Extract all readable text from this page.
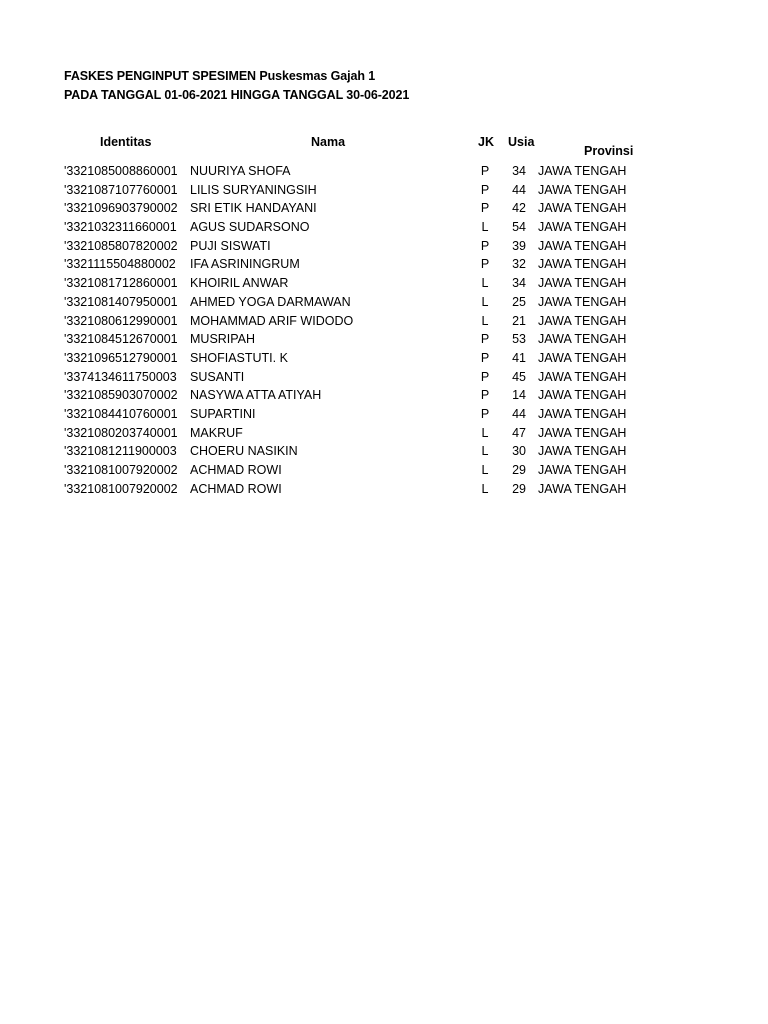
FASKES PENGINPUT SPESIMEN Puskesmas Gajah 1
PADA TANGGAL 01-06-2021 HINGGA TANGGAL 30-06-2021
Identitas	Nama	JK Usia
Provinsi
'3321085008860001 NUURIYA SHOFA	P	34 JAWA TENGAH
'3321087107760001 LILIS SURYANINGSIH	P	44 JAWA TENGAH
'3321096903790002 SRI ETIK HANDAYANI	P	42 JAWA TENGAH
'3321032311660001 AGUS SUDARSONO	L	54 JAWA TENGAH
'3321085807820002 PUJI SISWATI	P	39 JAWA TENGAH
'3321115504880002 IFA ASRININGRUM	P	32 JAWA TENGAH
'3321081712860001 KHOIRIL ANWAR	L	34 JAWA TENGAH
'3321081407950001 AHMED YOGA DARMAWAN	L	25 JAWA TENGAH
'3321080612990001 MOHAMMAD ARIF WIDODO	L	21 JAWA TENGAH
'3321084512670001 MUSRIPAH	P	53 JAWA TENGAH
'3321096512790001 SHOFIASTUTI. K	P	41 JAWA TENGAH
'3374134611750003 SUSANTI	P	45 JAWA TENGAH
'3321085903070002 NASYWA ATTA ATIYAH	P	14 JAWA TENGAH
'3321084410760001 SUPARTINI	P	44 JAWA TENGAH
'3321080203740001 MAKRUF	L	47 JAWA TENGAH
'3321081211900003 CHOERU NASIKIN	L	30 JAWA TENGAH
'3321081007920002 ACHMAD ROWI	L	29 JAWA TENGAH
'3321081007920002 ACHMAD ROWI	L	29 JAWA TENGAH
